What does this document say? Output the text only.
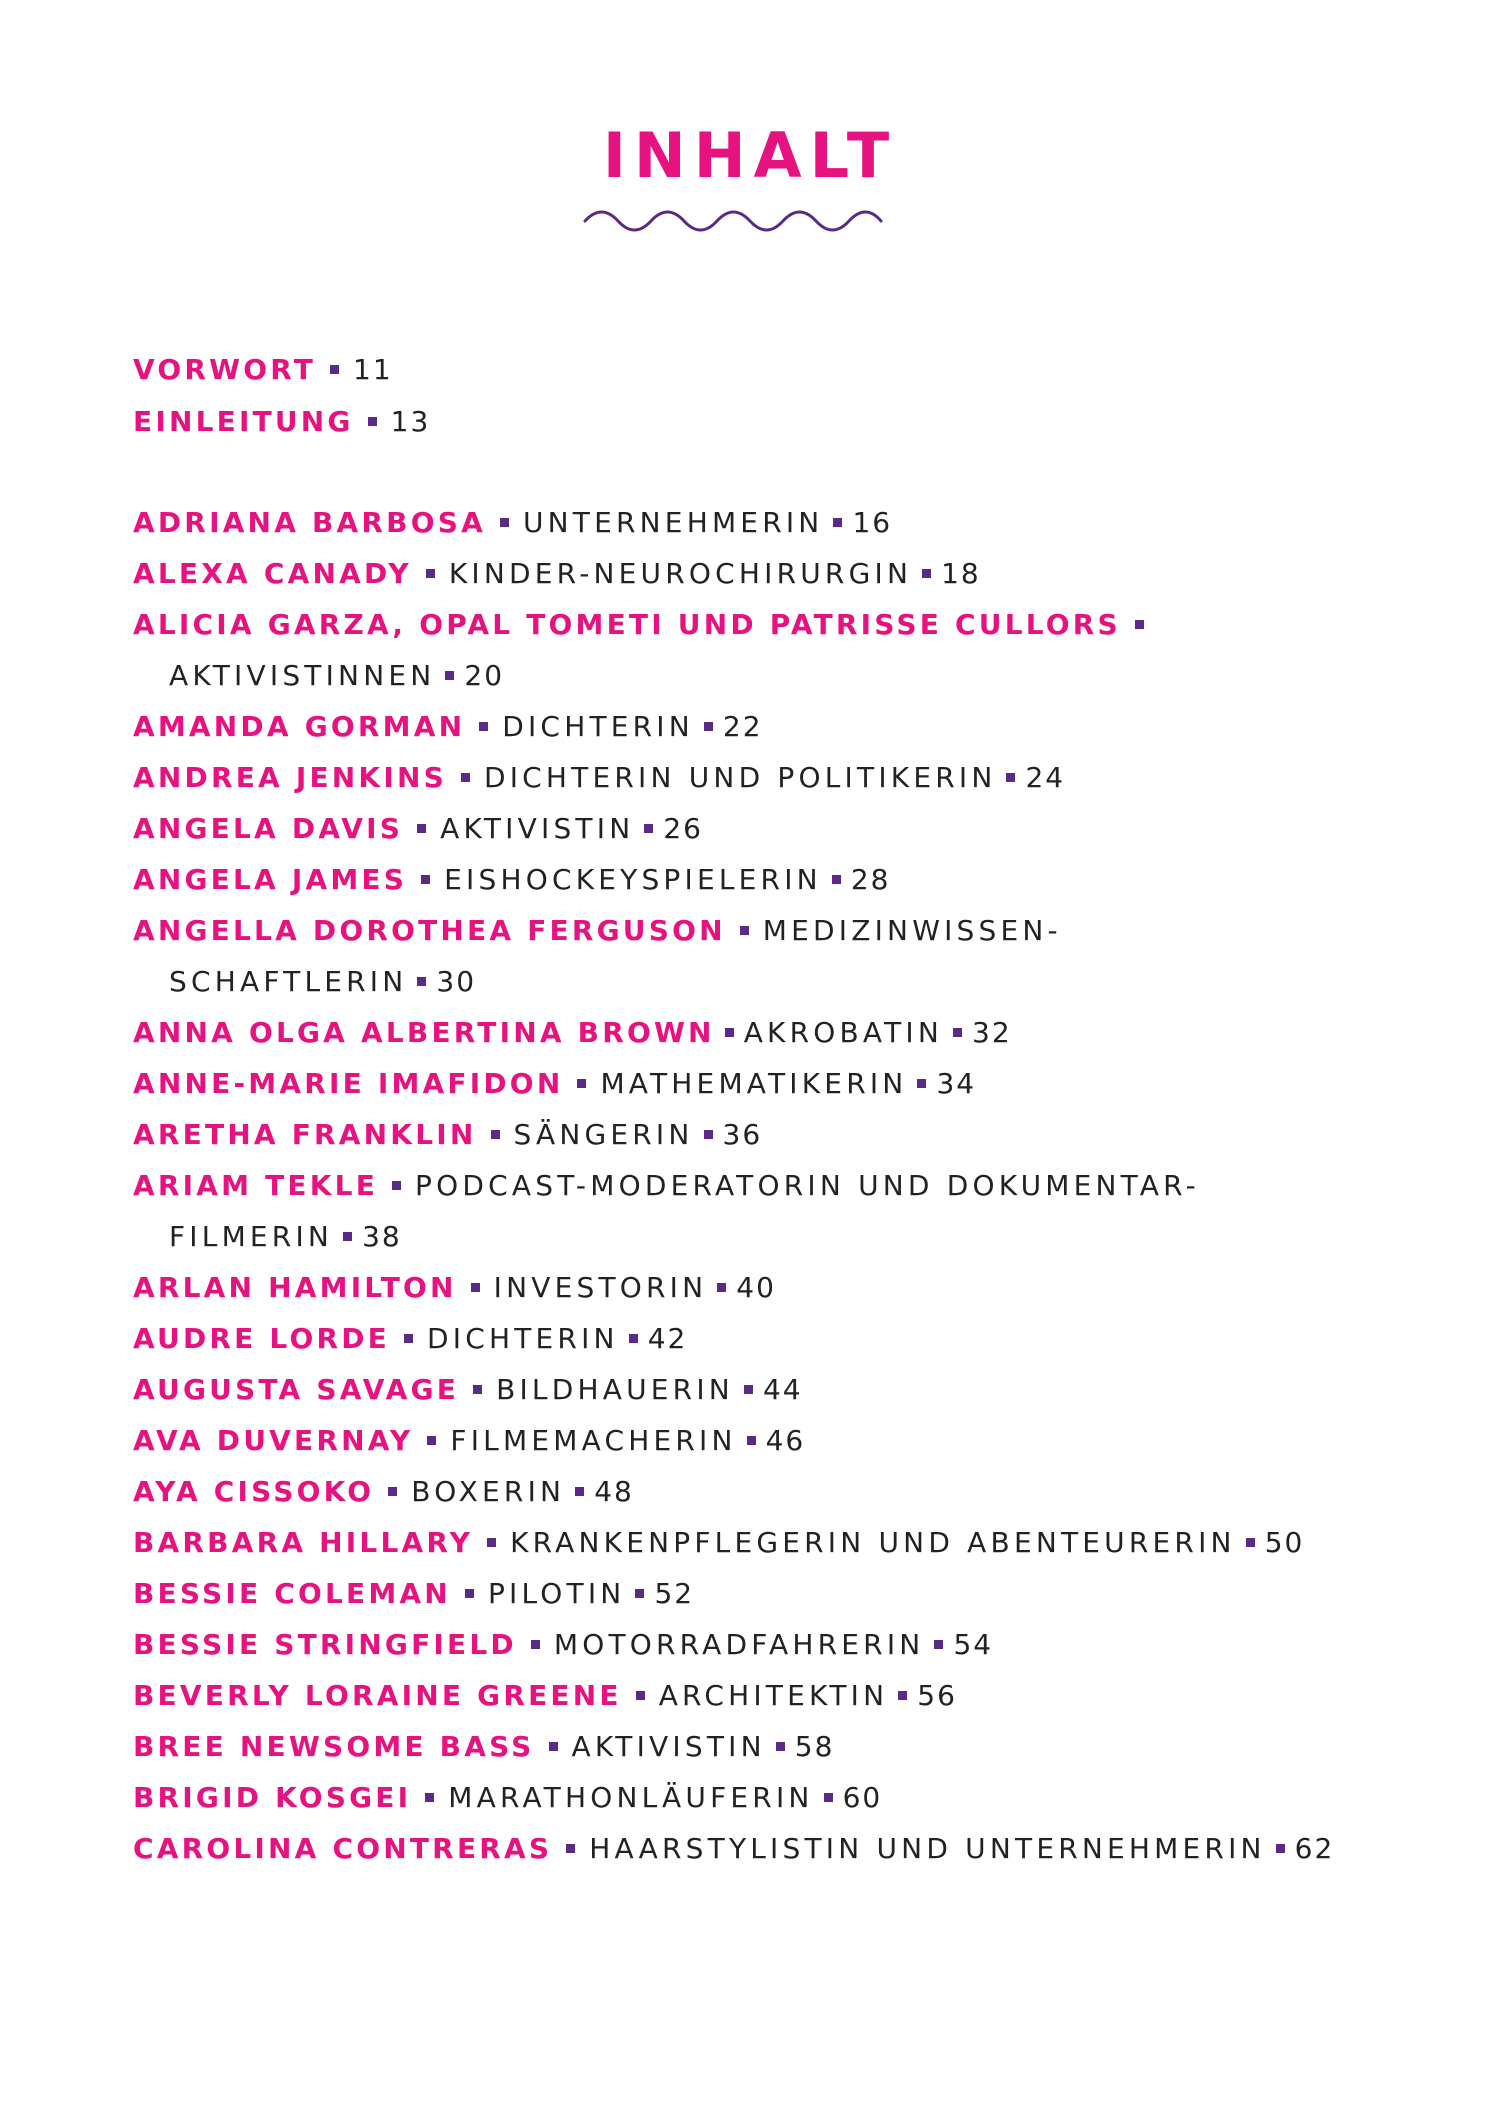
INHALT
VORWORT 11
EINLEITUNG 13
ADRIANA BARBOSA UNTERNEHMERIN 16
ALEXA CANADY KINDER-NEUROCHIRURGIN 18
ALICIA GARZA, OPAL TOMETI UND PATRISSE CULLORS
AKTIVISTINNEN 20
AMANDA GORMAN DICHTERIN 22
ANDREA JENKINS DICHTERIN UND POLITIKERIN 24
ANGELA DAVIS AKTIVISTIN 26
ANGELA JAMES EISHOCKEYSPIELERIN 28
ANGELLA DOROTHEA FERGUSON MEDIZINWISSEN-
SCHAFTLERIN 30
ANNA OLGA ALBERTINA BROWN AKROBATIN 32
ANNE-MARIE IMAFIDON MATHEMATIKERIN 34
ARETHA FRANKLIN SÄNGERIN 36
ARIAM TEKLE PODCAST-MODERATORIN UND DOKUMENTAR-
FILMERIN 38
ARLAN HAMILTON INVESTORIN 40
AUDRE LORDE DICHTERIN 42
AUGUSTA SAVAGE BILDHAUERIN 44
AVA DUVERNAY FILMEMACHERIN 46
AYA CISSOKO BOXERIN 48
BARBARA HILLARY KRANKENPFLEGERIN UND ABENTEURERIN 50
BESSIE COLEMAN PILOTIN 52
BESSIE STRINGFIELD MOTORRADFAHRERIN 54
BEVERLY LORAINE GREENE ARCHITEKTIN 56
BREE NEWSOME BASS AKTIVISTIN 58
BRIGID KOSGEI MARATHONLÄUFERIN 60
CAROLINA CONTRERAS HAARSTYLISTIN UND UNTERNEHMERIN 62
